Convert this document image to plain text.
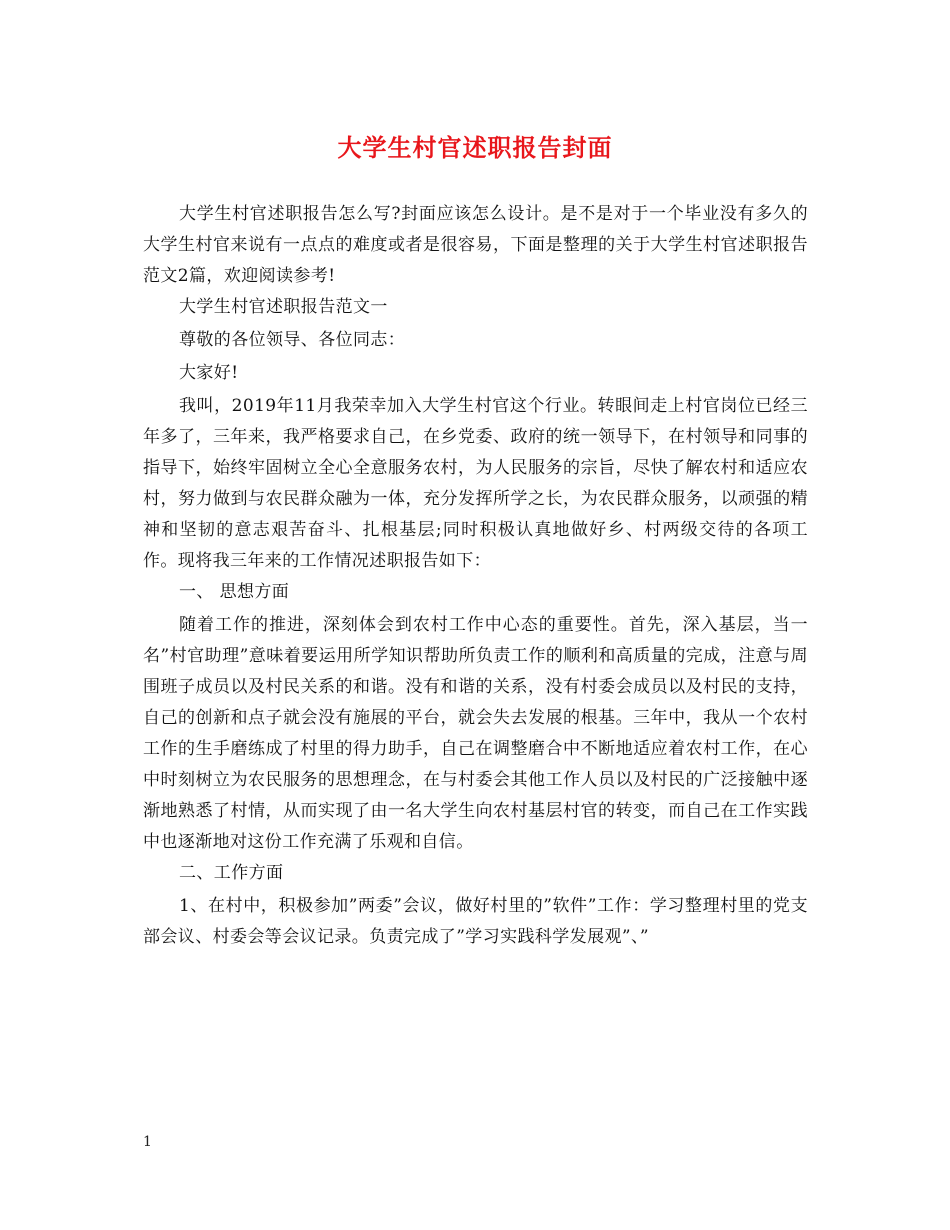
大学生村官述职报告封面

大学生村官述职报告怎么写?封面应该怎么设计。是不是对于一个毕业没有多久的大学生村官来说有一点点的难度或者是很容易，下面是整理的关于大学生村官述职报告范文2篇，欢迎阅读参考!

大学生村官述职报告范文一

尊敬的各位领导、各位同志：

大家好!

我叫，2019年11月我荣幸加入大学生村官这个行业。转眼间走上村官岗位已经三年多了，三年来，我严格要求自己，在乡党委、政府的统一领导下，在村领导和同事的指导下，始终牢固树立全心全意服务农村，为人民服务的宗旨，尽快了解农村和适应农村，努力做到与农民群众融为一体，充分发挥所学之长，为农民群众服务，以顽强的精神和坚韧的意志艰苦奋斗、扎根基层;同时积极认真地做好乡、村两级交待的各项工作。现将我三年来的工作情况述职报告如下：

一、 思想方面

随着工作的推进，深刻体会到农村工作中心态的重要性。首先，深入基层，当一名”村官助理”意味着要运用所学知识帮助所负责工作的顺利和高质量的完成，注意与周围班子成员以及村民关系的和谐。没有和谐的关系，没有村委会成员以及村民的支持，自己的创新和点子就会没有施展的平台，就会失去发展的根基。三年中，我从一个农村工作的生手磨练成了村里的得力助手，自己在调整磨合中不断地适应着农村工作，在心中时刻树立为农民服务的思想理念，在与村委会其他工作人员以及村民的广泛接触中逐渐地熟悉了村情，从而实现了由一名大学生向农村基层村官的转变，而自己在工作实践中也逐渐地对这份工作充满了乐观和自信。

二、工作方面

1、在村中，积极参加”两委”会议，做好村里的”软件”工作：学习整理村里的党支部会议、村委会等会议记录。负责完成了”学习实践科学发展观”、”

1
